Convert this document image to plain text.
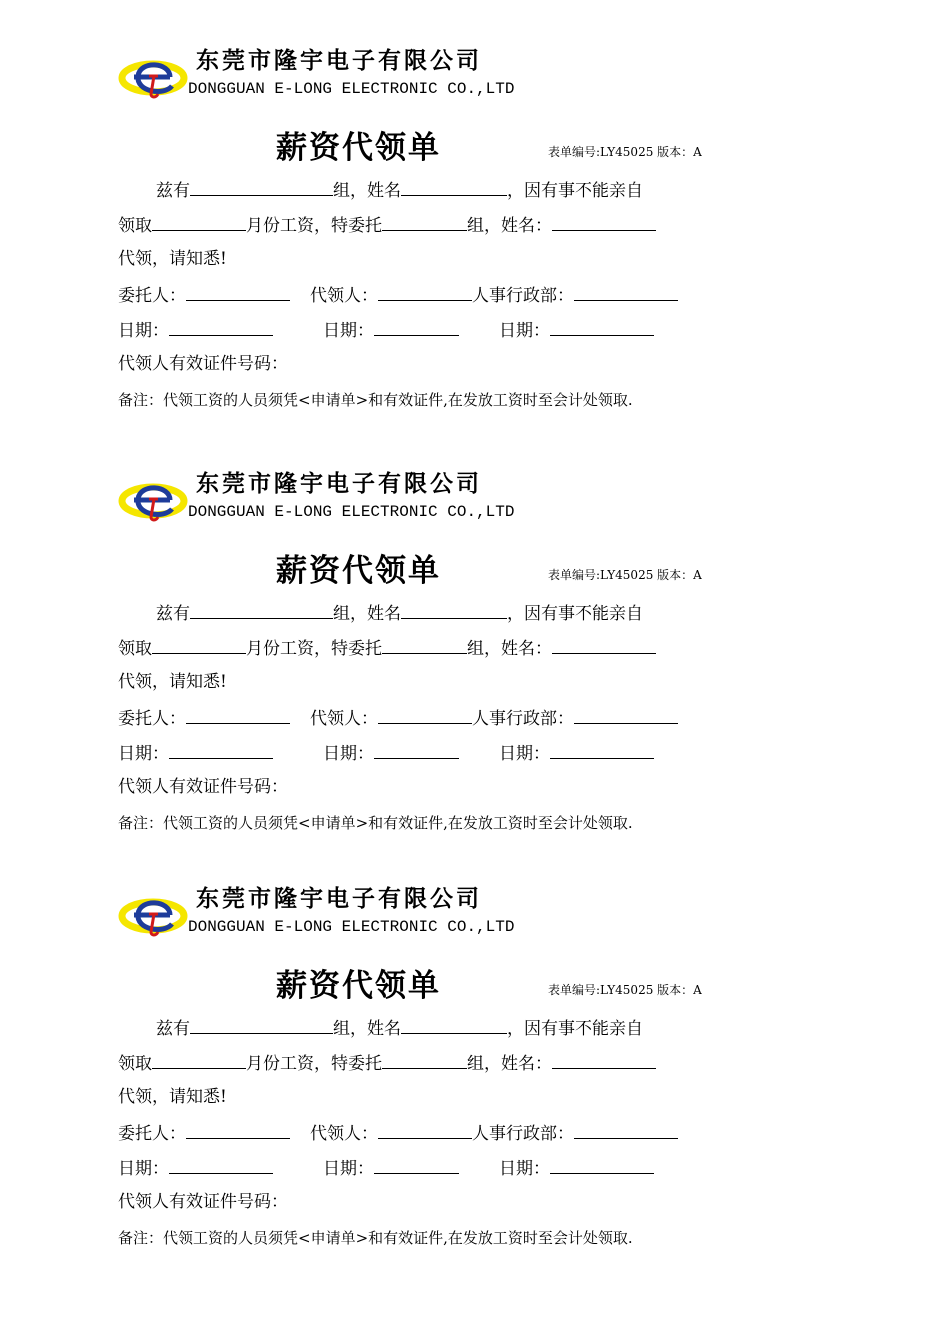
东莞市隆宇电子有限公司
DONGGUAN E-LONG ELECTRONIC CO.,LTD
薪资代领单	表单编号:LY45025 版本：A
兹有	组，姓名	，因有事不能亲自
领取	月份工资，特委托	组，姓名：
代领，请知悉!
委托人：	代领人：	人事行政部：
日期：	日期：	日期：
代领人有效证件号码：
备注：代领工资的人员须凭<申请单>和有效证件,在发放工资时至会计处领取.
东莞市隆宇电子有限公司
DONGGUAN E-LONG ELECTRONIC CO.,LTD
薪资代领单	表单编号:LY45025 版本：A
兹有	组，姓名	，因有事不能亲自
领取	月份工资，特委托	组，姓名：
代领，请知悉!
委托人：	代领人：	人事行政部：
日期：	日期：	日期：
代领人有效证件号码：
备注：代领工资的人员须凭<申请单>和有效证件,在发放工资时至会计处领取.
东莞市隆宇电子有限公司
DONGGUAN E-LONG ELECTRONIC CO.,LTD
薪资代领单	表单编号:LY45025 版本：A
兹有	组，姓名	，因有事不能亲自
领取	月份工资，特委托	组，姓名：
代领，请知悉!
委托人：	代领人：	人事行政部：
日期：	日期：	日期：
代领人有效证件号码：
备注：代领工资的人员须凭<申请单>和有效证件,在发放工资时至会计处领取.
